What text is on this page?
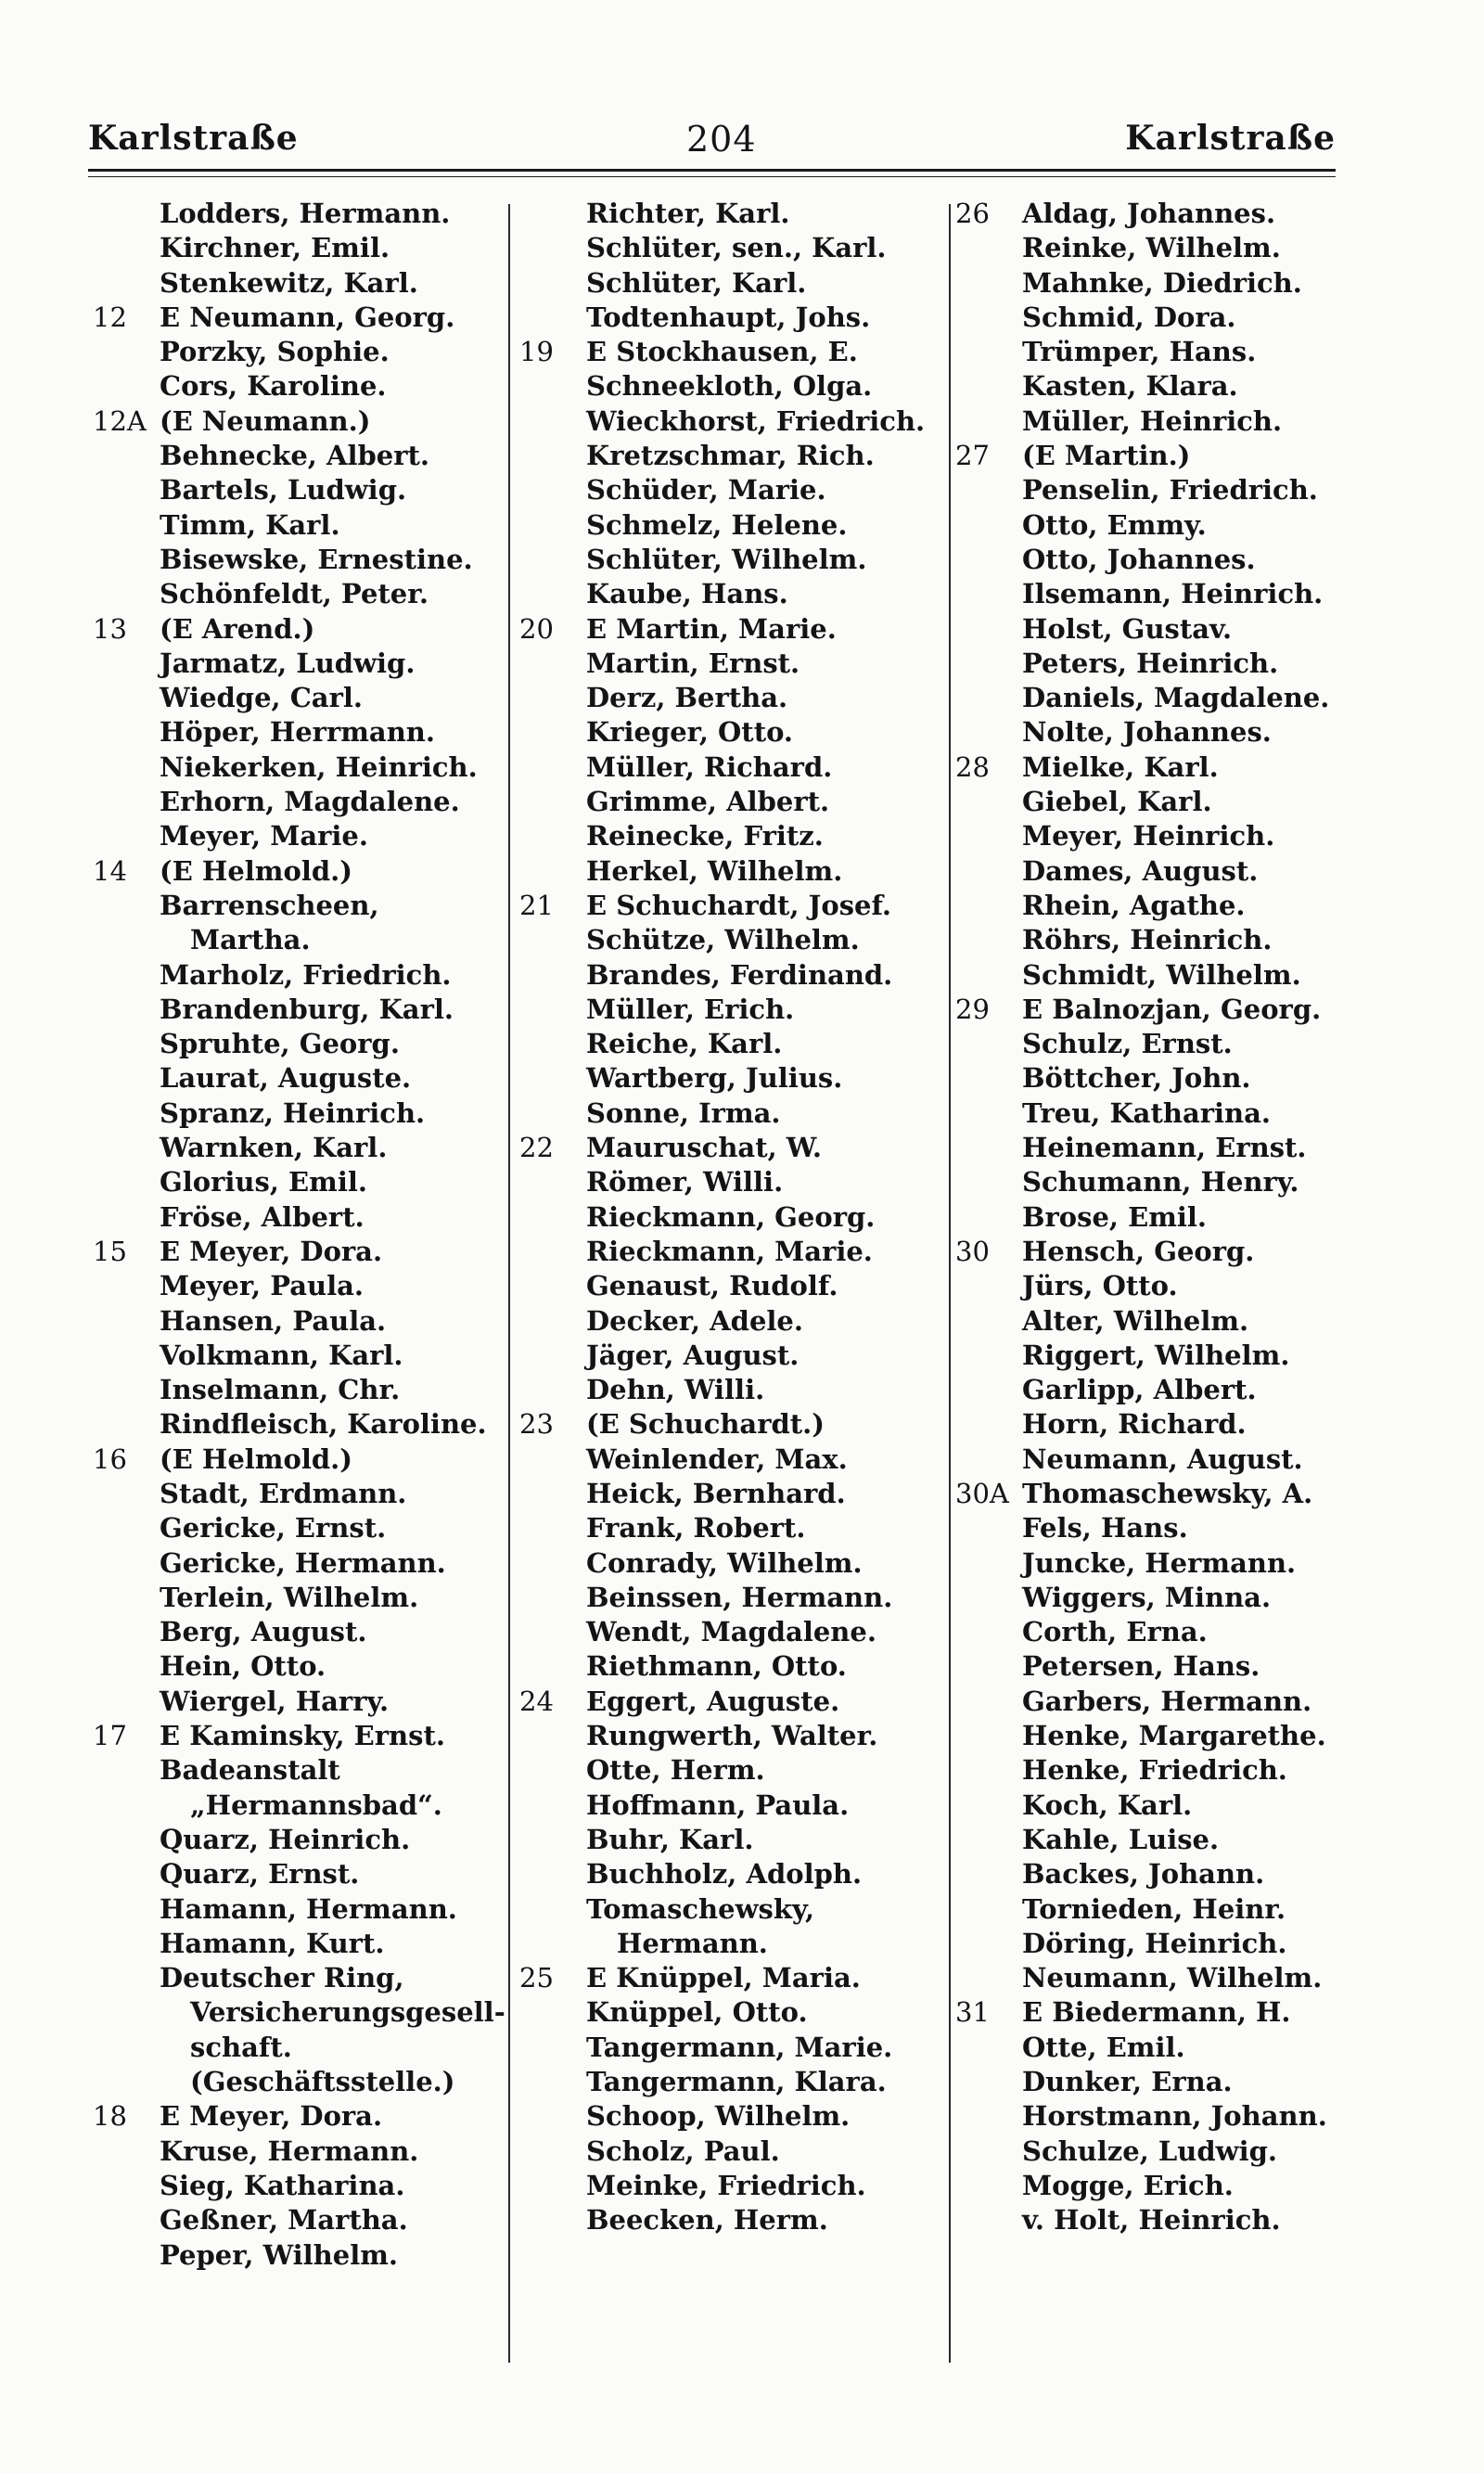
Karlstraße	204	Karlstraße
Lodders, Hermann.
Kirchner, Emil.
Stenkewitz, Karl.
12	E Neumann, Georg.
Porzky, Sophie.
Cors, Karoline.
12A (E Neumann.)
Behnecke, Albert.
Bartels, Ludwig.
Timm, Karl.
Bisewske, Ernestine.
Schönfeldt, Peter.
13	(E Arend.)
Jarmatz, Ludwig.
Wiedge, Carl.
Höper, Herrmann.
Niekerken, Heinrich.
Erhorn, Magdalene.
Meyer, Marie.
14	(E Helmold.)
Barrenscheen,
Martha.
Marholz, Friedrich.
Brandenburg, Karl.
Spruhte, Georg.
Laurat, Auguste.
Spranz, Heinrich.
Warnken, Karl.
Glorius, Emil.
Fröse, Albert.
15	E Meyer, Dora.
Meyer, Paula.
Hansen, Paula.
Volkmann, Karl.
Inselmann, Chr.
Rindfleisch, Karoline.
16	(E Helmold.)
Stadt, Erdmann.
Gericke, Ernst.
Gericke, Hermann.
Terlein, Wilhelm.
Berg, August.
Hein, Otto.
Wiergel, Harry.
17	E Kaminsky, Ernst.
Badeanstalt
„Hermannsbad“.
Quarz, Heinrich.
Quarz, Ernst.
Hamann, Hermann.
Hamann, Kurt.
Deutscher Ring,
Versicherungsgesell-
schaft.
(Geschäftsstelle.)
18	E Meyer, Dora.
Kruse, Hermann.
Sieg, Katharina.
Geßner, Martha.
Peper, Wilhelm.
Richter, Karl.
Schlüter, sen., Karl.
Schlüter, Karl.
Todtenhaupt, Johs.
19	E Stockhausen, E.
Schneekloth, Olga.
Wieckhorst, Friedrich.
Kretzschmar, Rich.
Schüder, Marie.
Schmelz, Helene.
Schlüter, Wilhelm.
Kaube, Hans.
20	E Martin, Marie.
Martin, Ernst.
Derz, Bertha.
Krieger, Otto.
Müller, Richard.
Grimme, Albert.
Reinecke, Fritz.
Herkel, Wilhelm.
21	E Schuchardt, Josef.
Schütze, Wilhelm.
Brandes, Ferdinand.
Müller, Erich.
Reiche, Karl.
Wartberg, Julius.
Sonne, Irma.
22	Mauruschat, W.
Römer, Willi.
Rieckmann, Georg.
Rieckmann, Marie.
Genaust, Rudolf.
Decker, Adele.
Jäger, August.
Dehn, Willi.
23	(E Schuchardt.)
Weinlender, Max.
Heick, Bernhard.
Frank, Robert.
Conrady, Wilhelm.
Beinssen, Hermann.
Wendt, Magdalene.
Riethmann, Otto.
24	Eggert, Auguste.
Rungwerth, Walter.
Otte, Herm.
Hoffmann, Paula.
Buhr, Karl.
Buchholz, Adolph.
Tomaschewsky,
Hermann.
25	E Knüppel, Maria.
Knüppel, Otto.
Tangermann, Marie.
Tangermann, Klara.
Schoop, Wilhelm.
Scholz, Paul.
Meinke, Friedrich.
Beecken, Herm.
26	Aldag, Johannes.
Reinke, Wilhelm.
Mahnke, Diedrich.
Schmid, Dora.
Trümper, Hans.
Kasten, Klara.
Müller, Heinrich.
27	(E Martin.)
Penselin, Friedrich.
Otto, Emmy.
Otto, Johannes.
Ilsemann, Heinrich.
Holst, Gustav.
Peters, Heinrich.
Daniels, Magdalene.
Nolte, Johannes.
28	Mielke, Karl.
Giebel, Karl.
Meyer, Heinrich.
Dames, August.
Rhein, Agathe.
Röhrs, Heinrich.
Schmidt, Wilhelm.
29	E Balnozjan, Georg.
Schulz, Ernst.
Böttcher, John.
Treu, Katharina.
Heinemann, Ernst.
Schumann, Henry.
Brose, Emil.
30	Hensch, Georg.
Jürs, Otto.
Alter, Wilhelm.
Riggert, Wilhelm.
Garlipp, Albert.
Horn, Richard.
Neumann, August.
30A Thomaschewsky, A.
Fels, Hans.
Juncke, Hermann.
Wiggers, Minna.
Corth, Erna.
Petersen, Hans.
Garbers, Hermann.
Henke, Margarethe.
Henke, Friedrich.
Koch, Karl.
Kahle, Luise.
Backes, Johann.
Tornieden, Heinr.
Döring, Heinrich.
Neumann, Wilhelm.
31	E Biedermann, H.
Otte, Emil.
Dunker, Erna.
Horstmann, Johann.
Schulze, Ludwig.
Mogge, Erich.
v. Holt, Heinrich.
